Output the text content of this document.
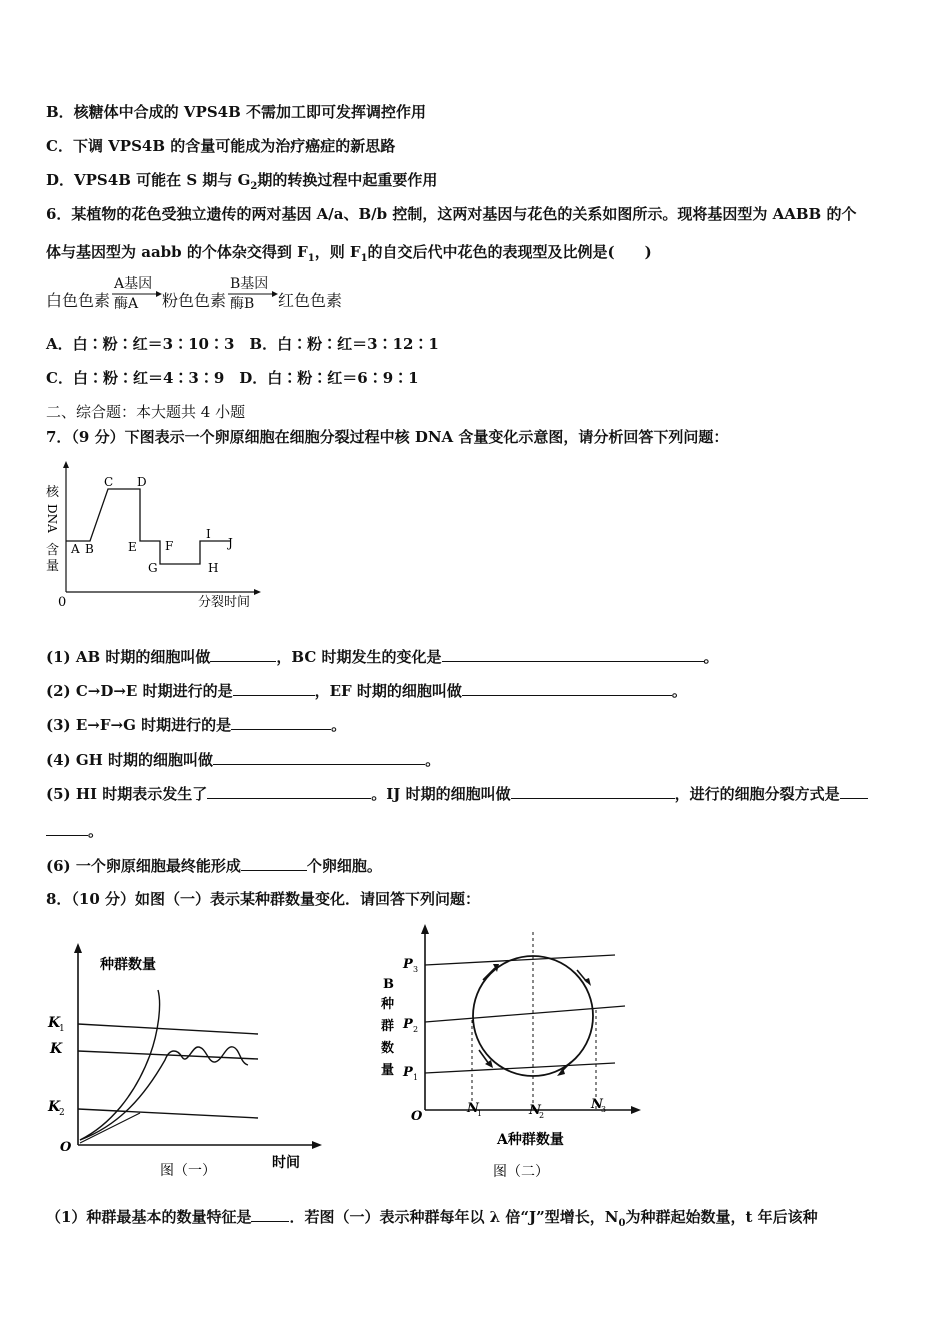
B．核糖体中合成的 VPS4B 不需加工即可发挥调控作用
C．下调 VPS4B 的含量可能成为治疗癌症的新思路
D．VPS4B 可能在 S 期与 $G_2$期的转换过程中起重要作用
6．某植物的花色受独立遗传的两对基因 A/a、B/b 控制，这两对基因与花色的关系如图所示。现将基因型为 AABB 的个
体与基因型为 aabb 的个体杂交得到 $F_1$，则 $F_1$的自交后代中花色的表现型及比例是(　　)
白色色素
A基因
酶A 粉色色素
B基因
酶B 红色色素
A．白∶粉∶红＝3∶10∶3　B．白∶粉∶红＝3∶12∶1
C．白∶粉∶红＝4∶3∶9　D．白∶粉∶红＝6∶9∶1
二、综合题：本大题共 4 小题
7．（9 分）下图表示一个卵原细胞在细胞分裂过程中核 DNA 含量变化示意图，请分析回答下列问题：
核
DNA
含
量
0	分裂时间
A B
C D
E F
G
I
H
J
(1) AB 时期的细胞叫做	，BC 时期发生的变化是	。
(2) C→D→E 时期进行的是	，EF 时期的细胞叫做	。
(3) E→F→G 时期进行的是	。
(4) GH 时期的细胞叫做	。
(5) HI 时期表示发生了	。IJ 时期的细胞叫做	，进行的细胞分裂方式是
。
(6) 一个卵原细胞最终能形成	个卵细胞。
8．（10 分）如图（一）表示某种群数量变化．请回答下列问题：
种群数量
K
1
K
K
2
O
图（一）	时间
B
种
群
数
量
P 3
P 2
P 1
O
N
1	N
2
N
3
A种群数量
图（二）
（1）种群最基本的数量特征是	．若图（一）表示种群每年以 λ 倍“J”型增长，$N_0$为种群起始数量，t 年后该种
